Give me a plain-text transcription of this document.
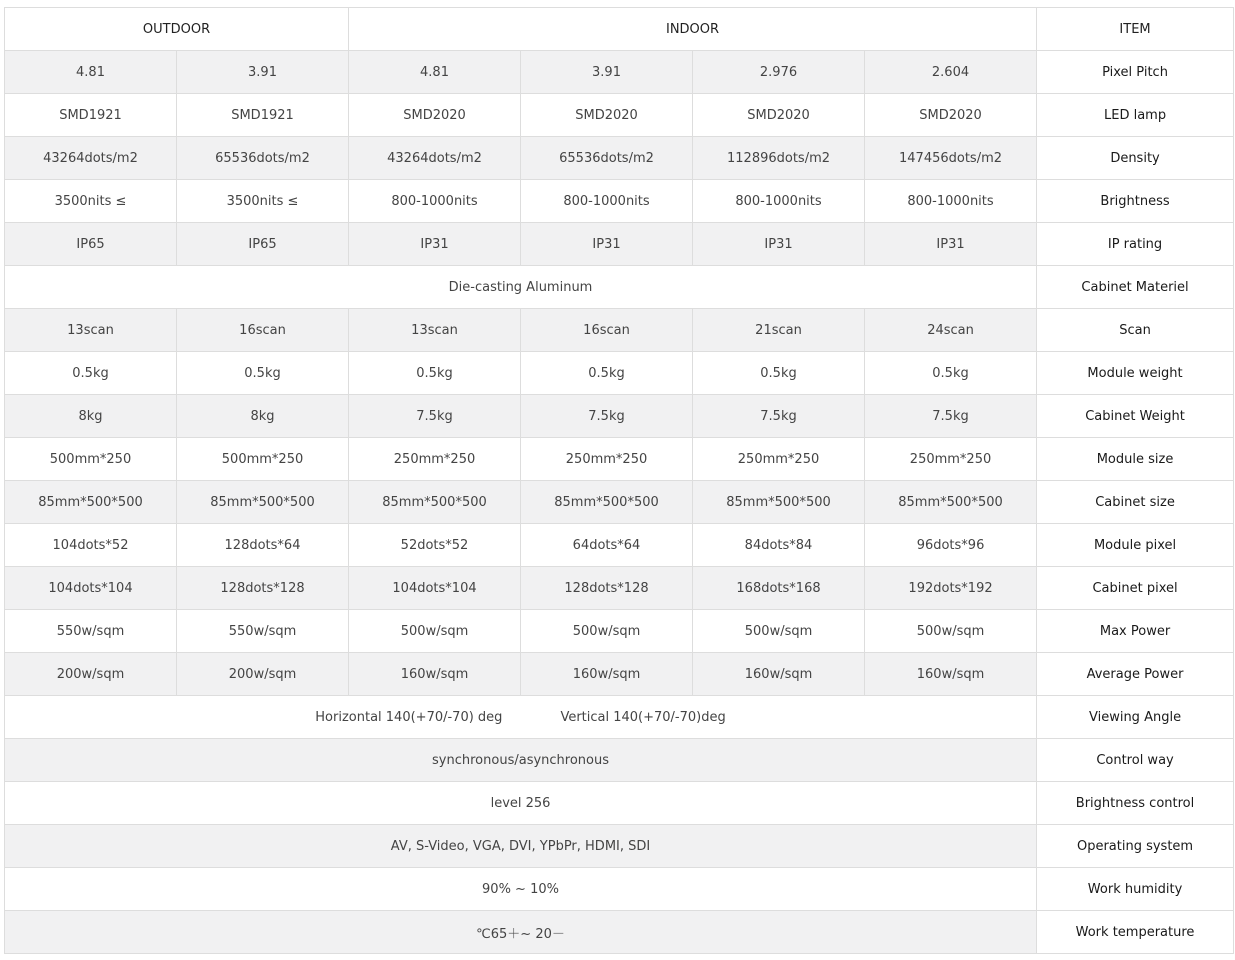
OUTDOOR		INDOOR				ITEM
4.81	3.91	4.81	3.91	2.976	2.604	Pixel Pitch
SMD1921	SMD1921	SMD2020	SMD2020	SMD2020	SMD2020	LED lamp
43264dots/m2	65536dots/m2	43264dots/m2	65536dots/m2	112896dots/m2	147456dots/m2	Density
3500nits ≤	3500nits ≤	800-1000nits	800-1000nits	800-1000nits	800-1000nits	Brightness
IP65	IP65	IP31	IP31	IP31	IP31	IP rating
Die-casting Aluminum						Cabinet Materiel
13scan	16scan	13scan	16scan	21scan	24scan	Scan
0.5kg	0.5kg	0.5kg	0.5kg	0.5kg	0.5kg	Module weight
8kg	8kg	7.5kg	7.5kg	7.5kg	7.5kg	Cabinet Weight
500mm*250	500mm*250	250mm*250	250mm*250	250mm*250	250mm*250	Module size
85mm*500*500	85mm*500*500	85mm*500*500	85mm*500*500	85mm*500*500	85mm*500*500	Cabinet size
104dots*52	128dots*64	52dots*52	64dots*64	84dots*84	96dots*96	Module pixel
104dots*104	128dots*128	104dots*104	128dots*128	168dots*168	192dots*192	Cabinet pixel
550w/sqm	550w/sqm	500w/sqm	500w/sqm	500w/sqm	500w/sqm	Max Power
200w/sqm	200w/sqm	160w/sqm	160w/sqm	160w/sqm	160w/sqm	Average Power
Horizontal 140(+70/-70) deg Vertical 140(+70/-70)deg						Viewing Angle
synchronous/asynchronous						Control way
level 256						Brightness control
AV, S-Video, VGA, DVI, YPbPr, HDMI, SDI						Operating system
90% ~ 10%						Work humidity
℃65＋~ 20－						Work temperature
